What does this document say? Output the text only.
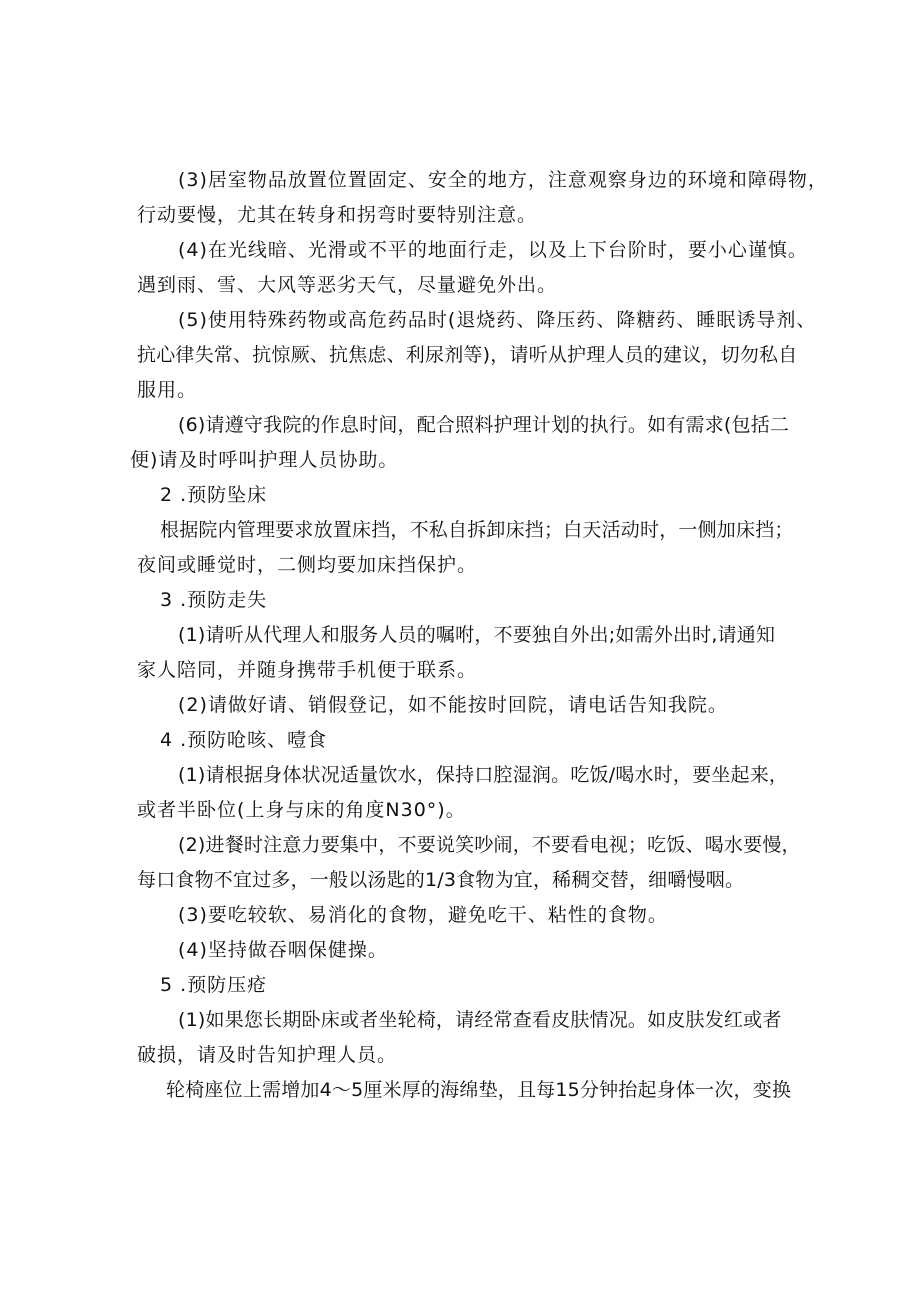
(3)居室物品放置位置固定、安全的地方，注意观察身边的环境和障碍物，
行动要慢，尤其在转身和拐弯时要特别注意。
(4)在光线暗、光滑或不平的地面行走，以及上下台阶时，要小心谨慎。
遇到雨、雪、大风等恶劣天气，尽量避免外出。
(5)使用特殊药物或高危药品时(退烧药、降压药、降糖药、睡眠诱导剂、
抗心律失常、抗惊厥、抗焦虑、利尿剂等)，请听从护理人员的建议，切勿私自
服用。
(6)请遵守我院的作息时间，配合照料护理计划的执行。如有需求(包括二
便)请及时呼叫护理人员协助。
2 .预防坠床
根据院内管理要求放置床挡，不私自拆卸床挡；白天活动时，一侧加床挡；
夜间或睡觉时，二侧均要加床挡保护。
3 .预防走失
(1)请听从代理人和服务人员的嘱咐，不要独自外出;如需外出时,请通知
家人陪同，并随身携带手机便于联系。
(2)请做好请、销假登记，如不能按时回院，请电话告知我院。
4 .预防呛咳、噎食
(1)请根据身体状况适量饮水，保持口腔湿润。吃饭/喝水时，要坐起来，
或者半卧位(上身与床的角度N30°)。
(2)进餐时注意力要集中，不要说笑吵闹，不要看电视；吃饭、喝水要慢，
每口食物不宜过多，一般以汤匙的1/3食物为宜，稀稠交替，细嚼慢咽。
(3)要吃较软、易消化的食物，避免吃干、粘性的食物。
(4)坚持做吞咽保健操。
5 .预防压疮
(1)如果您长期卧床或者坐轮椅，请经常查看皮肤情况。如皮肤发红或者
破损，请及时告知护理人员。
轮椅座位上需增加4～5厘米厚的海绵垫，且每15分钟抬起身体一次，变换
